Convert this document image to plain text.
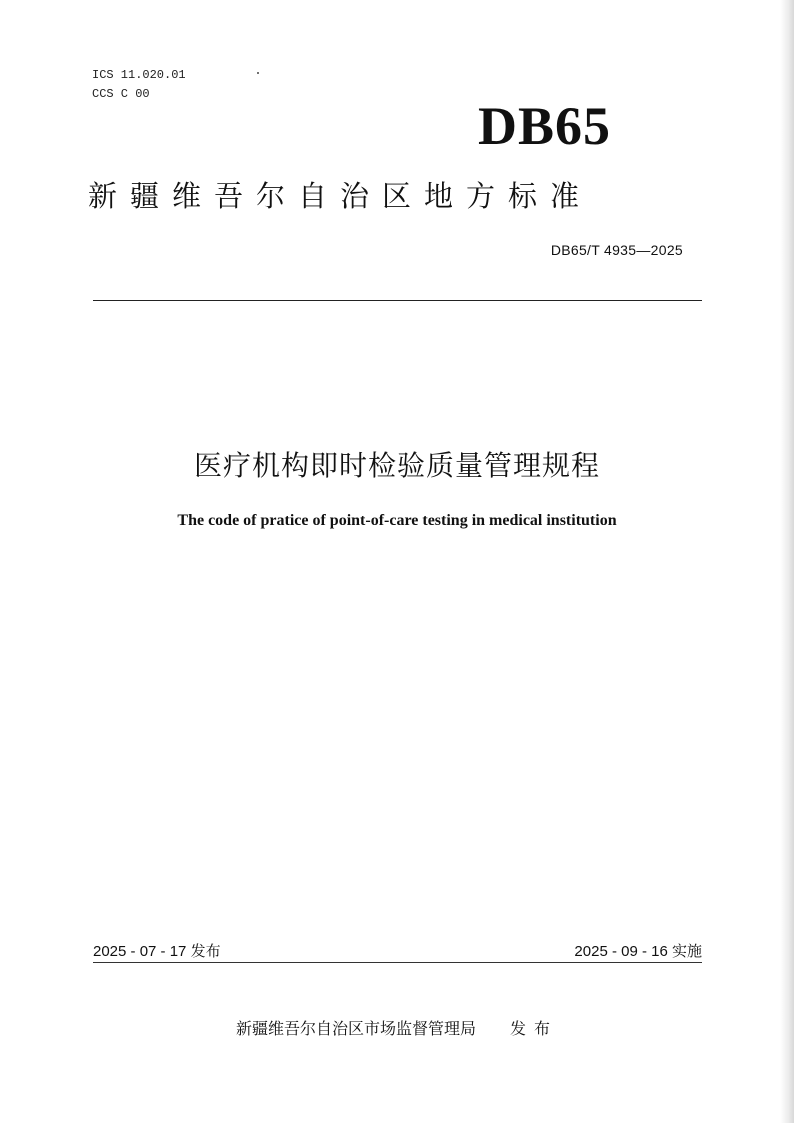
ICS 11.020.01
CCS C 00
DB65
新疆维吾尔自治区地方标准
DB65/T 4935—2025
医疗机构即时检验质量管理规程
The code of pratice of point-of-care testing in medical institution
2025 - 07 - 17 发布	2025 - 09 - 16 实施
新疆维吾尔自治区市场监督管理局 发布
